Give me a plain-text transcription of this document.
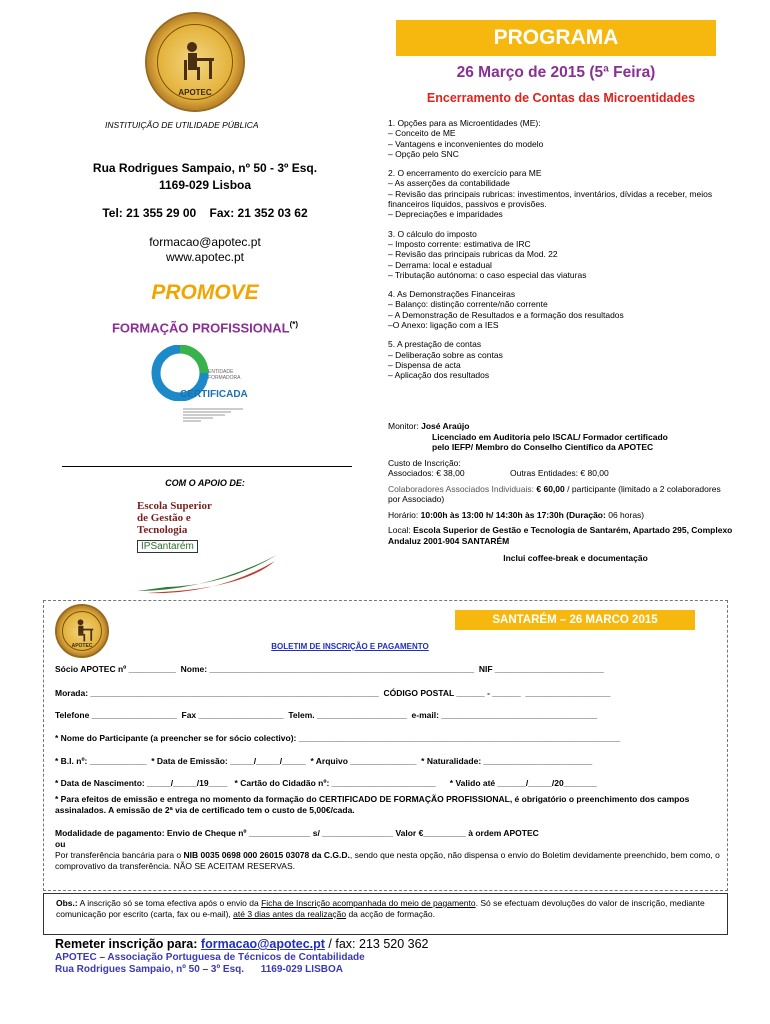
APOTEC
PROGRAMA
26 Março de 2015 (5ª Feira)
Encerramento de Contas das Microentidades
INSTITUIÇÃO DE UTILIDADE PÚBLICA
Rua Rodrigues Sampaio, nº 50 - 3º Esq.
1169-029 Lisboa
Tel: 21 355 29 00    Fax: 21 352 03 62
formacao@apotec.pt
www.apotec.pt
PROMOVE
FORMAÇÃO PROFISSIONAL(*)
ENTIDADE
FORMADORA
CERTIFICADA
COM O APOIO DE:
Escola Superior
de Gestão e
Tecnologia
IPSantarém
1. Opções para as Microentidades (ME):
– Conceito de ME
– Vantagens e inconvenientes do modelo
– Opção pelo SNC
2. O encerramento do exercício para ME
– As asserções da contabilidade
– Revisão das principais rubricas: investimentos, inventários, dívidas a receber, meios financeiros líquidos, passivos e provisões.
– Depreciações e imparidades
3. O cálculo do imposto
– Imposto corrente: estimativa de IRC
– Revisão das principais rubricas da Mod. 22
– Derrama: local e estadual
– Tributação autónoma: o caso especial das viaturas
4. As Demonstrações Financeiras
– Balanço: distinção corrente/não corrente
– A Demonstração de Resultados e a formação dos resultados
–O Anexo: ligação com a IES
5. A prestação de contas
– Deliberação sobre as contas
– Dispensa de acta
– Aplicação dos resultados
Monitor: José Araújo
Licenciado em Auditoria pelo ISCAL/ Formador certificado
pelo IEFP/ Membro do Conselho Científico da APOTEC
Custo de Inscrição:
Associados: € 38,00	Outras Entidades: € 80,00
Colaboradores Associados Individuais: € 60,00 / participante (limitado a 2 colaboradores por Associado)
Horário: 10:00h às 13:00 h/ 14:30h às 17:30h (Duração: 06 horas)
Local: Escola Superior de Gestão e Tecnologia de Santarém, Apartado 295, Complexo Andaluz 2001-904 SANTARÉM
Inclui coffee-break e documentação
APOTEC
SANTARÉM – 26 MARCO 2015
BOLETIM DE INSCRIÇÃO E PAGAMENTO
Sócio APOTEC nº __________  Nome: ________________________________________________________  NIF _______________________
Morada: _____________________________________________________________  CÓDIGO POSTAL ______ - ______  __________________
Telefone __________________  Fax __________________  Telem. ___________________  e-mail: _________________________________
* Nome do Participante (a preencher se for sócio colectivo): ____________________________________________________________________
* B.I. nº: ____________  * Data de Emissão: _____/_____/_____  * Arquivo ______________  * Naturalidade: _______________________
* Data de Nascimento: _____/_____/19____   * Cartão do Cidadão nº: ______________________      * Valido até ______/_____/20_______
* Para efeitos de emissão e entrega no momento da formação do CERTIFICADO DE FORMAÇÃO PROFISSIONAL, é obrigatório o preenchimento dos campos assinalados. A emissão de 2ª via de certificado tem o custo de 5,00€/cada.
Modalidade de pagamento: Envio de Cheque nº _____________ s/ _______________ Valor €_________ à ordem APOTEC
ou
Por transferência bancária para o NIB 0035 0698 000 26015 03078 da C.G.D., sendo que nesta opção, não dispensa o envio do Boletim devidamente preenchido, bem como, o comprovativo da transferência. NÃO SE ACEITAM RESERVAS.
Obs.: A inscrição só se toma efectiva após o envio da Ficha de Inscrição acompanhada do meio de pagamento. Só se efectuam devoluções do valor de inscrição, mediante comunicação por escrito (carta, fax ou e-mail), até 3 dias antes da realização da acção de formação.
Remeter inscrição para: formacao@apotec.pt / fax: 213 520 362
APOTEC – Associação Portuguesa de Técnicos de Contabilidade
Rua Rodrigues Sampaio, nº 50 – 3º Esq.      1169-029 LISBOA
